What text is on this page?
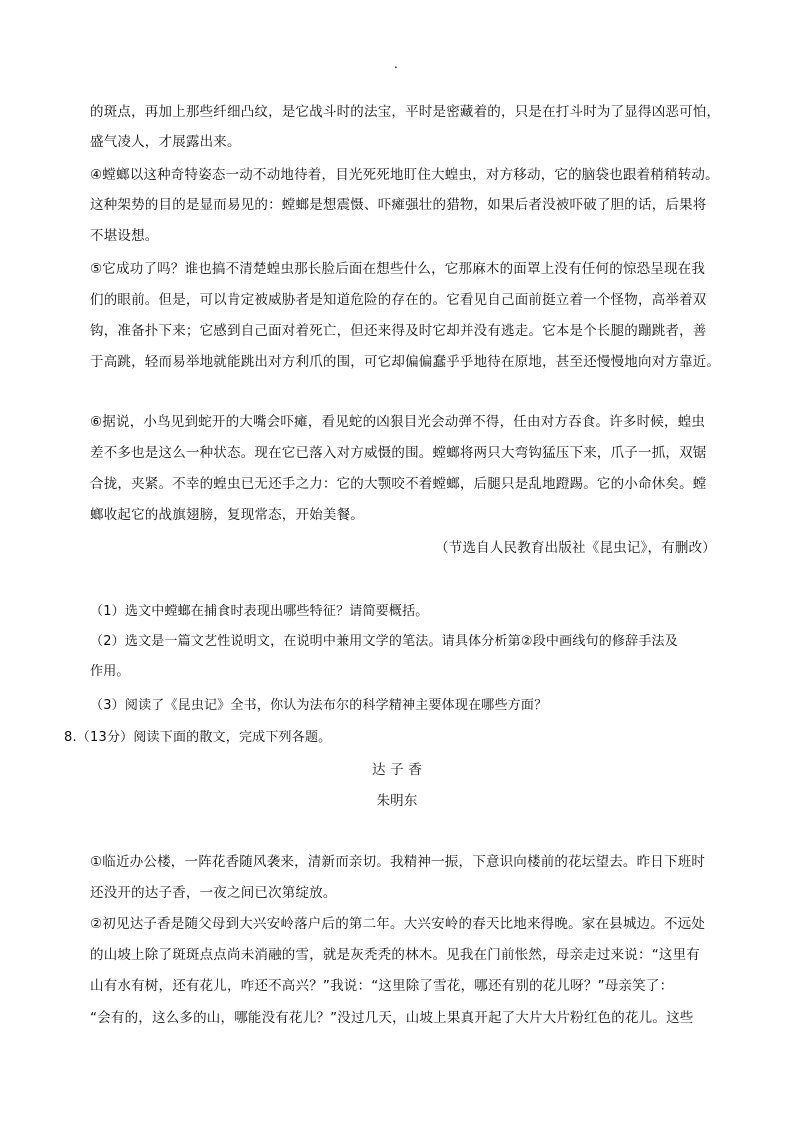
.
的斑点，再加上那些纤细凸纹，是它战斗时的法宝，平时是密藏着的，只是在打斗时为了显得凶恶可怕，
盛气凌人，才展露出来。
④螳螂以这种奇特姿态一动不动地待着，目光死死地盯住大蝗虫，对方移动，它的脑袋也跟着稍稍转动。
这种架势的目的是显而易见的：螳螂是想震慑、吓瘫强壮的猎物，如果后者没被吓破了胆的话，后果将
不堪设想。
⑤它成功了吗？谁也搞不清楚蝗虫那长脸后面在想些什么，它那麻木的面罩上没有任何的惊恐呈现在我
们的眼前。但是，可以肯定被威胁者是知道危险的存在的。它看见自己面前挺立着一个怪物，高举着双
钩，准备扑下来；它感到自己面对着死亡，但还来得及时它却并没有逃走。它本是个长腿的蹦跳者，善
于高跳，轻而易举地就能跳出对方利爪的围，可它却偏偏蠢乎乎地待在原地，甚至还慢慢地向对方靠近。
⑥据说，小鸟见到蛇开的大嘴会吓瘫，看见蛇的凶狠目光会动弹不得，任由对方吞食。许多时候，蝗虫
差不多也是这么一种状态。现在它已落入对方威慑的围。螳螂将两只大弯钩猛压下来，爪子一抓，双锯
合拢，夹紧。不幸的蝗虫已无还手之力：它的大颚咬不着螳螂，后腿只是乱地蹬踢。它的小命休矣。螳
螂收起它的战旗翅膀，复现常态，开始美餐。
（节选自人民教育出版社《昆虫记》，有删改）
（1）选文中螳螂在捕食时表现出哪些特征？请简要概括。
（2）选文是一篇文艺性说明文，在说明中兼用文学的笔法。请具体分析第②段中画线句的修辞手法及
作用。
（3）阅读了《昆虫记》全书，你认为法布尔的科学精神主要体现在哪些方面？
8.（13分）阅读下面的散文，完成下列各题。
达 子 香
朱明东
①临近办公楼，一阵花香随风袭来，清新而亲切。我精神一振，下意识向楼前的花坛望去。昨日下班时
还没开的达子香，一夜之间已次第绽放。
②初见达子香是随父母到大兴安岭落户后的第二年。大兴安岭的春天比地来得晚。家在县城边。不远处
的山坡上除了斑斑点点尚未消融的雪，就是灰秃秃的林木。见我在门前怅然，母亲走过来说：“这里有
山有水有树，还有花儿，咋还不高兴？”我说：“这里除了雪花，哪还有别的花儿呀？”母亲笑了：
“会有的，这么多的山，哪能没有花儿？”没过几天，山坡上果真开起了大片大片粉红色的花儿。这些
